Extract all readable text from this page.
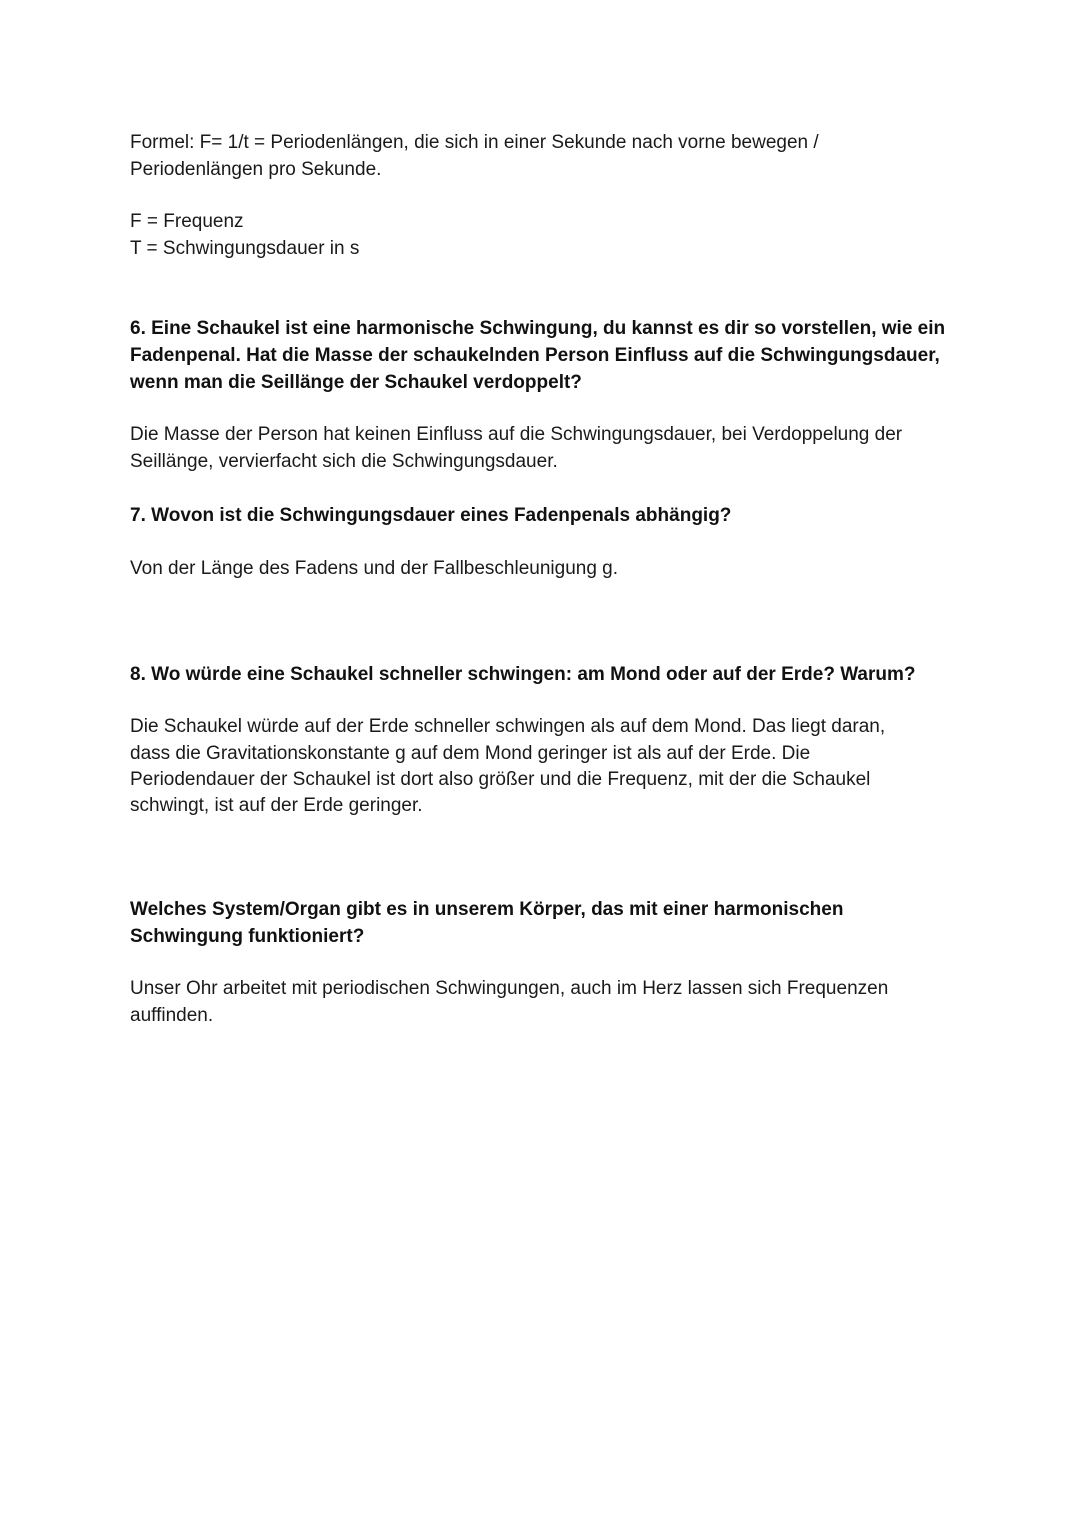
Formel: F= 1/t = Periodenlängen, die sich in einer Sekunde nach vorne bewegen /
Periodenlängen pro Sekunde.
F = Frequenz
T = Schwingungsdauer in s
6. Eine Schaukel ist eine harmonische Schwingung, du kannst es dir so vorstellen, wie ein
Fadenpenal. Hat die Masse der schaukelnden Person Einfluss auf die Schwingungsdauer,
wenn man die Seillänge der Schaukel verdoppelt?
Die Masse der Person hat keinen Einfluss auf die Schwingungsdauer, bei Verdoppelung der
Seillänge, vervierfacht sich die Schwingungsdauer.
7. Wovon ist die Schwingungsdauer eines Fadenpenals abhängig?
Von der Länge des Fadens und der Fallbeschleunigung g.
8. Wo würde eine Schaukel schneller schwingen: am Mond oder auf der Erde? Warum?
Die Schaukel würde auf der Erde schneller schwingen als auf dem Mond. Das liegt daran,
dass die Gravitationskonstante g auf dem Mond geringer ist als auf der Erde. Die
Periodendauer der Schaukel ist dort also größer und die Frequenz, mit der die Schaukel
schwingt, ist auf der Erde geringer.
Welches System/Organ gibt es in unserem Körper, das mit einer harmonischen
Schwingung funktioniert?
Unser Ohr arbeitet mit periodischen Schwingungen, auch im Herz lassen sich Frequenzen
auffinden.
